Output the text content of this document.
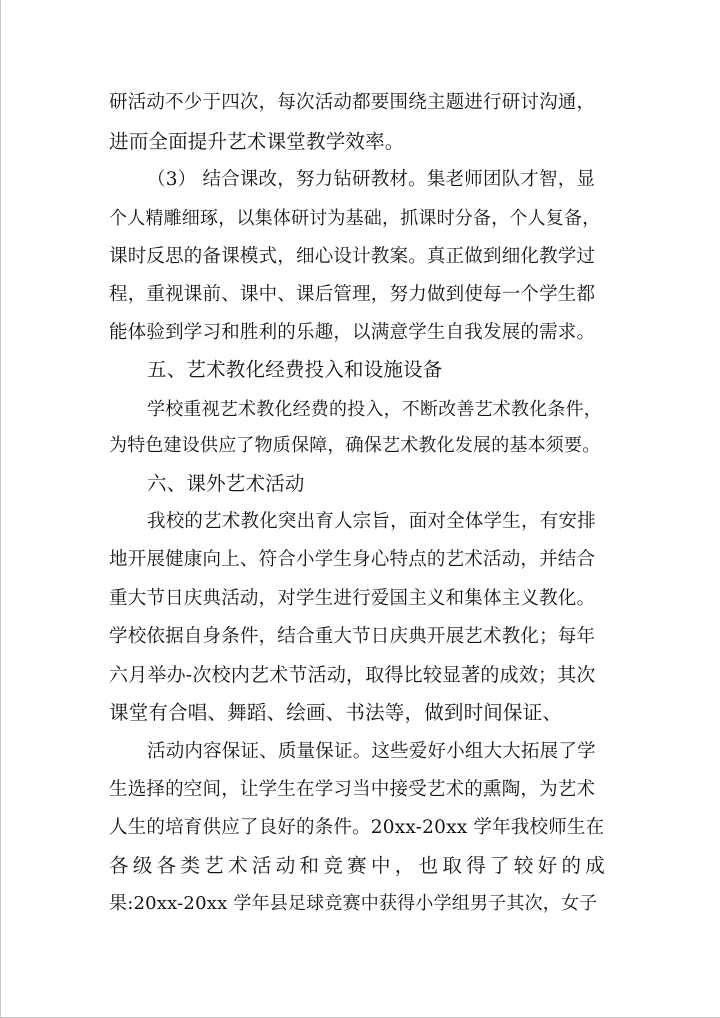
研活动不少于四次，每次活动都要围绕主题进行研讨沟通，
进而全面提升艺术课堂教学效率。
（3） 结合课改，努力钻研教材。集老师团队才智，显
个人精雕细琢，以集体研讨为基础，抓课时分备，个人复备，
课时反思的备课模式，细心设计教案。真正做到细化教学过
程，重视课前、课中、课后管理，努力做到使每一个学生都
能体验到学习和胜利的乐趣，以满意学生自我发展的需求。
五、艺术教化经费投入和设施设备
学校重视艺术教化经费的投入，不断改善艺术教化条件，
为特色建设供应了物质保障，确保艺术教化发展的基本须要。
六、课外艺术活动
我校的艺术教化突出育人宗旨，面对全体学生，有安排
地开展健康向上、符合小学生身心特点的艺术活动，并结合
重大节日庆典活动，对学生进行爱国主义和集体主义教化。
学校依据自身条件，结合重大节日庆典开展艺术教化；每年
六月举办-次校内艺术节活动，取得比较显著的成效；其次
课堂有合唱、舞蹈、绘画、书法等，做到时间保证、
活动内容保证、质量保证。这些爱好小组大大拓展了学
生选择的空间，让学生在学习当中接受艺术的熏陶，为艺术
人生的培育供应了良好的条件。20xx-20xx 学年我校师生在
各级各类艺术活动和竞赛中，也取得了较好的成
果:20xx-20xx 学年县足球竞赛中获得小学组男子其次，女子
